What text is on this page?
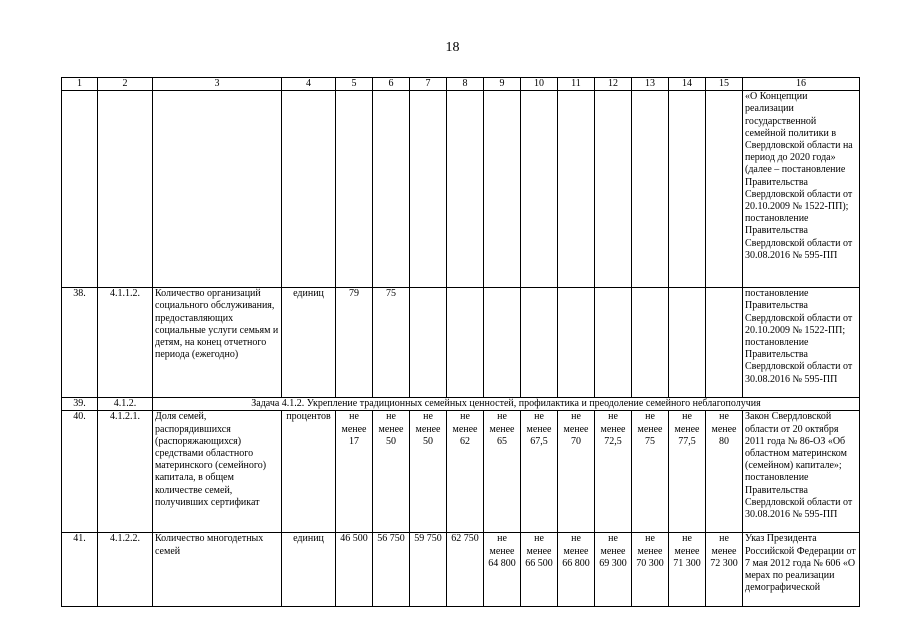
18
1	2	3	4	5	6	7	8	9	10	11	12	13	14	15	16
															«О Концепции реализации государственной семейной политики в Свердловской области на период до 2020 года» (далее – постановление Правительства Свердловской области от 20.10.2009 № 1522-ПП); постановление Правительства Свердловской области от 30.08.2016 № 595-ПП
38.	4.1.1.2.	Количество организаций социального обслуживания, предоставляющих социальные услуги семьям и детям, на конец отчетного периода (ежегодно)	единиц	79	75										постановление Правительства Свердловской области от 20.10.2009 № 1522-ПП; постановление Правительства Свердловской области от 30.08.2016 № 595-ПП
39.	4.1.2.	Задача 4.1.2. Укрепление традиционных семейных ценностей, профилактика и преодоление семейного неблагополучия													
40.	4.1.2.1.	Доля семей, распорядившихся (распоряжающихся) средствами областного материнского (семейного) капитала, в общем количестве семей, получивших сертификат	процентов	не менее 17	не менее 50	не менее 50	не менее 62	не менее 65	не менее 67,5	не менее 70	не менее 72,5	не менее 75	не менее 77,5	не менее 80	Закон Свердловской области от 20 октября 2011 года № 86-ОЗ «Об областном материнском (семейном) капитале»; постановление Правительства Свердловской области от 30.08.2016 № 595-ПП
41.	4.1.2.2.	Количество многодетных семей	единиц	46 500	56 750	59 750	62 750	не менее 64 800	не менее 66 500	не менее 66 800	не менее 69 300	не менее 70 300	не менее 71 300	не менее 72 300	Указ Президента Российской Федерации от 7 мая 2012 года № 606 «О мерах по реализации демографической
